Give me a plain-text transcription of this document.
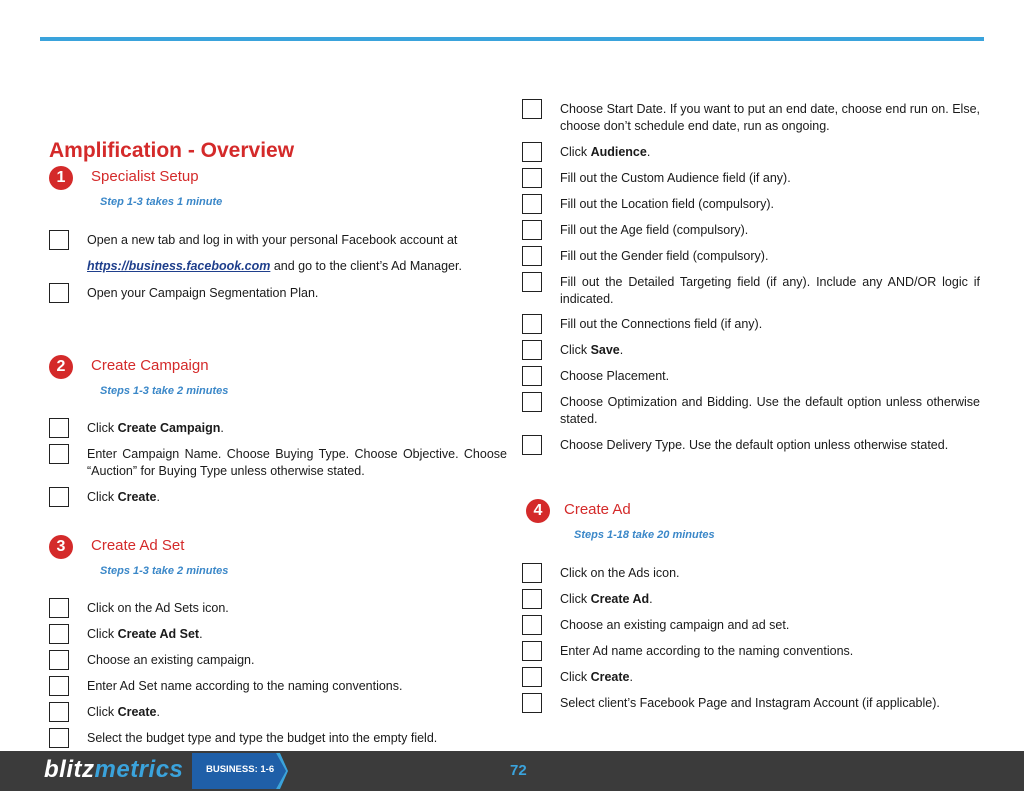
Amplification - Overview
1	Specialist Setup
Step 1-3 takes 1 minute
Open a new tab and log in with your personal Facebook account at https://business.facebook.com and go to the client’s Ad Manager.
Open your Campaign Segmentation Plan.
2	Create Campaign
Steps 1-3 take 2 minutes
Click Create Campaign.
Enter Campaign Name. Choose Buying Type. Choose Objective. Choose “Auction” for Buying Type unless otherwise stated.
Click Create.
3	Create Ad Set
Steps 1-3 take 2 minutes
Click on the Ad Sets icon.
Click Create Ad Set.
Choose an existing campaign.
Enter Ad Set name according to the naming conventions.
Click Create.
Select the budget type and type the budget into the empty field.
Choose Start Date. If you want to put an end date, choose end run on. Else, choose don’t schedule end date, run as ongoing.
Click Audience.
Fill out the Custom Audience field (if any).
Fill out the Location field (compulsory).
Fill out the Age field (compulsory).
Fill out the Gender field (compulsory).
Fill out the Detailed Targeting field (if any). Include any AND/OR logic if indicated.
Fill out the Connections field (if any).
Click Save.
Choose Placement.
Choose Optimization and Bidding. Use the default option unless otherwise stated.
Choose Delivery Type. Use the default option unless otherwise stated.
4	Create Ad
Steps 1-18 take 20 minutes
Click on the Ads icon.
Click Create Ad.
Choose an existing campaign and ad set.
Enter Ad name according to the naming conventions.
Click Create.
Select client’s Facebook Page and Instagram Account (if applicable).
blitzmetrics BUSINESS: 1-6	72
